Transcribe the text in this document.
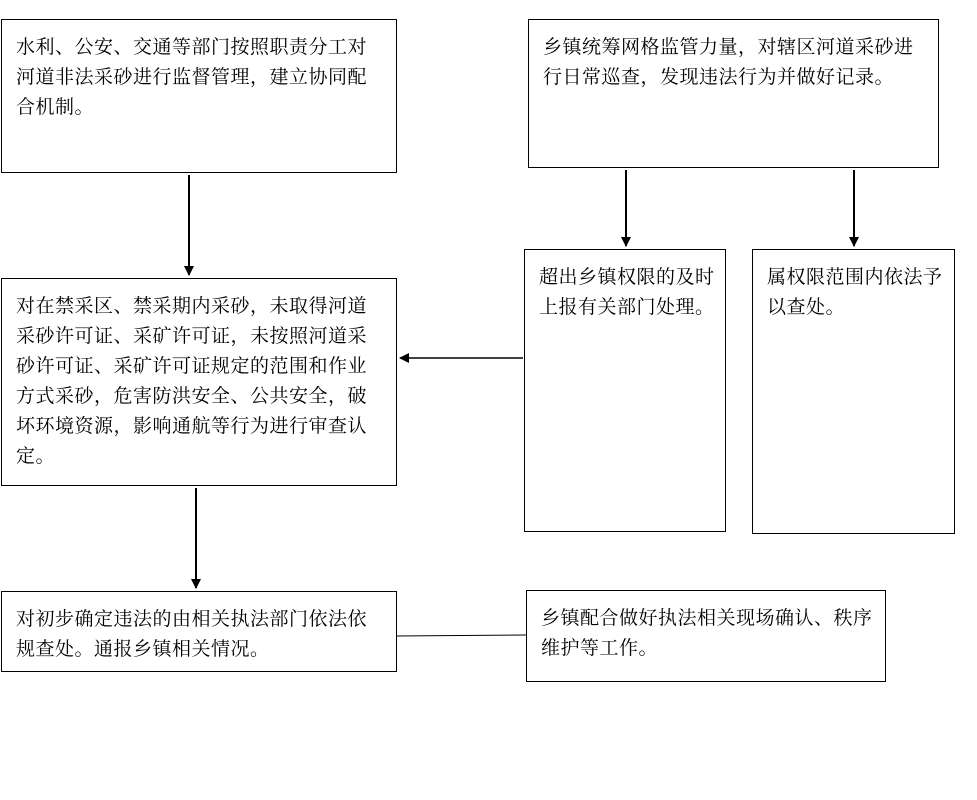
水利、公安、交通等部门按照职责分工对河道非法采砂进行监督管理，建立协同配合机制。
乡镇统筹网格监管力量，对辖区河道采砂进行日常巡查，发现违法行为并做好记录。
对在禁采区、禁采期内采砂，未取得河道采砂许可证、采矿许可证，未按照河道采砂许可证、采矿许可证规定的范围和作业方式采砂，危害防洪安全、公共安全，破坏环境资源，影响通航等行为进行审查认定。
超出乡镇权限的及时上报有关部门处理。
属权限范围内依法予以查处。
对初步确定违法的由相关执法部门依法依规查处。通报乡镇相关情况。
乡镇配合做好执法相关现场确认、秩序维护等工作。
